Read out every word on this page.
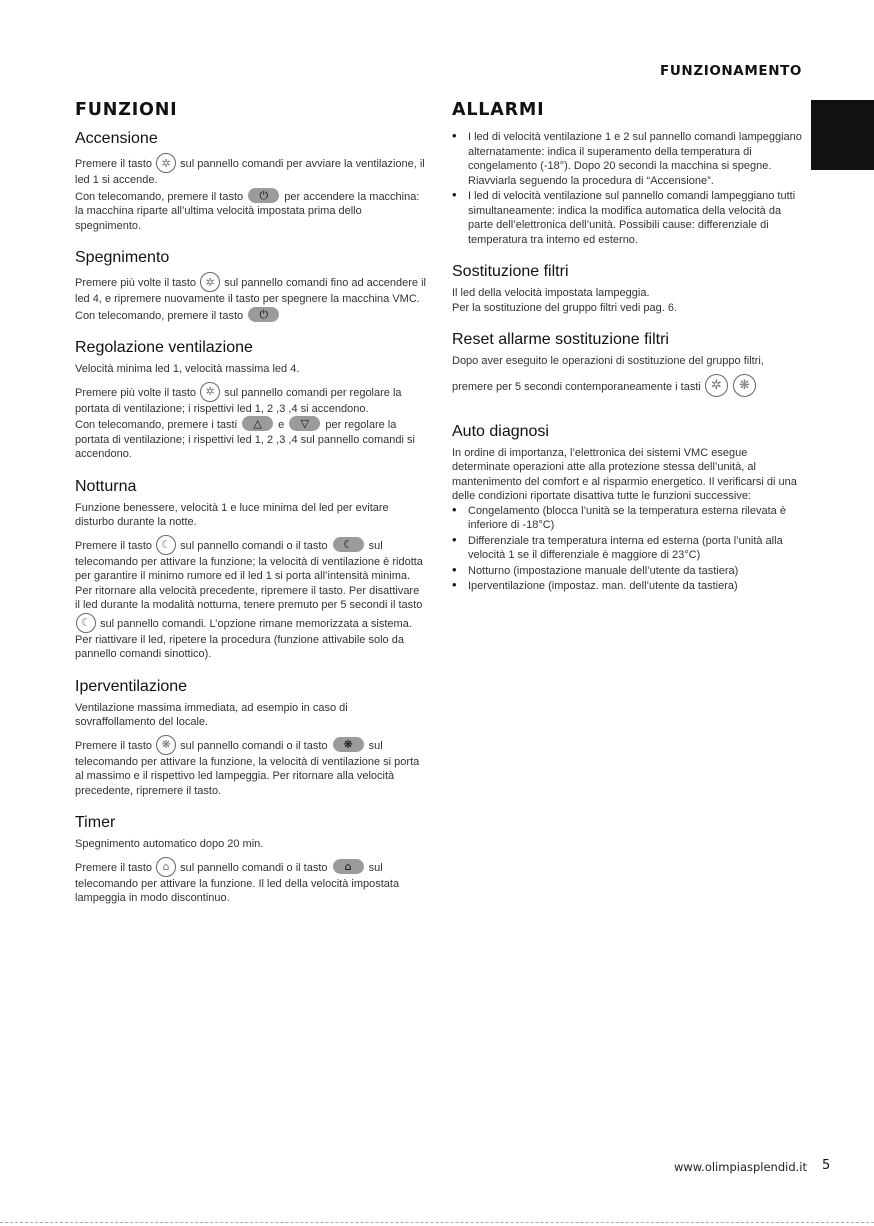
FUNZIONAMENTO
FUNZIONI
Accensione

Premere il tasto ✲ sul pannello comandi per avviare la ventilazione, il led 1 si accende.

Con telecomando, premere il tasto	⏻	per accendere la macchina: la macchina riparte all’ultima velocità impostata prima dello spegnimento.

Spegnimento

Premere più volte il tasto ✲ sul pannello comandi fino ad accendere il led 4, e ripremere nuovamente il tasto per spegnere la macchina VMC.

Con telecomando, premere il tasto	⏻

Regolazione ventilazione

Velocità minima led 1, velocità massima led 4.

Premere più volte il tasto ✲ sul pannello comandi per regolare la portata di ventilazione; i rispettivi led 1, 2 ,3 ,4 si accendono.

Con telecomando, premere i tasti	△	e	▽	per regolare la portata di ventilazione; i rispettivi led 1, 2 ,3 ,4 sul pannello comandi si accendono.

Notturna

Funzione benessere, velocità 1 e luce minima del led per evitare disturbo durante la notte.

Premere il tasto ☾ sul pannello comandi o il tasto	☾	sul telecomando per attivare la funzione; la velocità di ventilazione è ridotta per garantire il minimo rumore ed il led 1 si porta all’intensità minima. Per ritornare alla velocità precedente, ripremere il tasto. Per disattivare il led durante la modalità notturna, tenere premuto per 5 secondi il tasto
☾ sul pannello comandi. L’opzione rimane memorizzata a sistema. Per riattivare il led, ripetere la procedura (funzione attivabile solo da pannello comandi sinottico).

Iperventilazione

Ventilazione massima immediata, ad esempio in caso di sovraffollamento del locale.

Premere il tasto ❋ sul pannello comandi o il tasto	❋	sul telecomando per attivare la funzione, la velocità di ventilazione si porta al massimo e il rispettivo led lampeggia. Per ritornare alla velocità precedente, ripremere il tasto.

Timer

Spegnimento automatico dopo 20 min.

Premere il tasto ⌂ sul pannello comandi o il tasto	⌂	sul telecomando per attivare la funzione. Il led della velocità impostata lampeggia in modo discontinuo.

ALLARMI
• I led di velocità ventilazione 1 e 2 sul pannello comandi lampeggiano alternatamente: indica il superamento della temperatura di congelamento (-18°). Dopo 20 secondi la macchina si spegne. Riavviarla seguendo la procedura di “Accensione”.
• I led di velocità ventilazione sul pannello comandi lampeggiano tutti simultaneamente: indica la modifica automatica della velocità da parte dell’elettronica dell’unità. Possibili cause: differenziale di temperatura tra interno ed esterno.
Sostituzione filtri

Il led della velocità impostata lampeggia.

Per la sostituzione del gruppo filtri vedi pag. 6.

Reset allarme sostituzione filtri

Dopo aver eseguito le operazioni di sostituzione del gruppo filtri,

premere per 5 secondi contemporaneamente i tasti ✲
	❋

Auto diagnosi

In ordine di importanza, l’elettronica dei sistemi VMC esegue determinate operazioni atte alla protezione stessa dell’unità, al mantenimento del comfort e al risparmio energetico. Il verificarsi di una delle condizioni riportate disattiva tutte le funzioni successive:

• Congelamento (blocca l’unità se la temperatura esterna rilevata è inferiore di -18°C)
• Differenziale tra temperatura interna ed esterna (porta l’unità alla velocità 1 se il differenziale è maggiore di 23°C)
• Notturno (impostazione manuale dell’utente da tastiera)
• Iperventilazione (impostaz. man. dell’utente da tastiera)
www.olimpiasplendid.it 5
